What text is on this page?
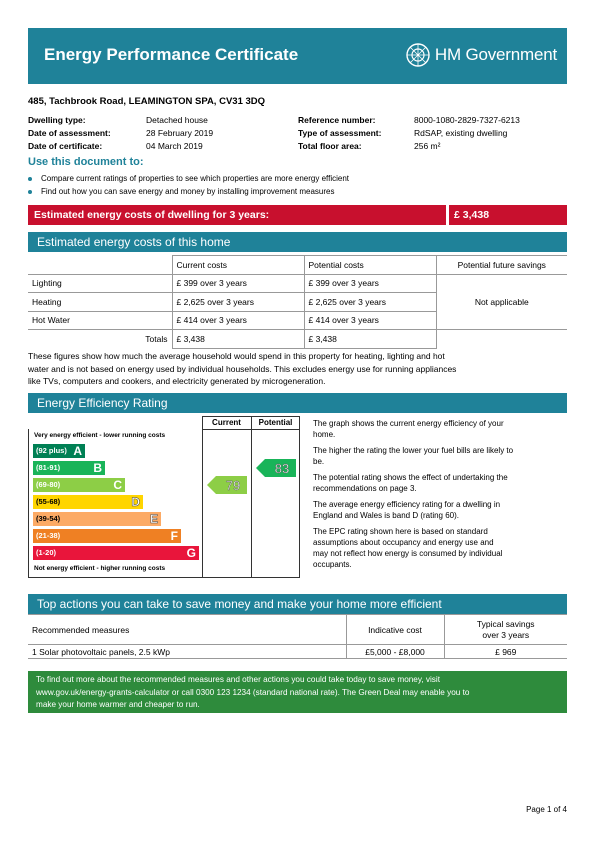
Energy Performance Certificate	HM Government
485, Tachbrook Road, LEAMINGTON SPA, CV31 3DQ
Dwelling type:	Detached house
Date of assessment:	28 February 2019
Date of certificate:	04 March 2019
Reference number:	8000-1080-2829-7327-6213
Type of assessment:	RdSAP, existing dwelling
Total floor area:	256 m²
Use this document to:
Compare current ratings of properties to see which properties are more energy efficient
Find out how you can save energy and money by installing improvement measures
Estimated energy costs of dwelling for 3 years:	£ 3,438
Estimated energy costs of this home
	Current costs	Potential costs	Potential future savings
Lighting	£ 399 over 3 years	£ 399 over 3 years	Not applicable
Heating	£ 2,625 over 3 years	£ 2,625 over 3 years	
Hot Water	£ 414 over 3 years	£ 414 over 3 years	
Totals	£ 3,438	£ 3,438	
These figures show how much the average household would spend in this property for heating, lighting and hot
water and is not based on energy used by individual households. This excludes energy use for running appliances
like TVs, computers and cookers, and electricity generated by microgeneration.
Energy Efficiency Rating
Current	Potential
Very energy efficient - lower running costs
(92 plus) A
(81-91)	B
(69-80)	C
(55-68)	D
(39-54)	E
(21-38)	F
(1-20)	G
Not energy efficient - higher running costs
79
83
The graph shows the current energy efficiency of your
home.
The higher the rating the lower your fuel bills are likely to
be.
The potential rating shows the effect of undertaking the
recommendations on page 3.
The average energy efficiency rating for a dwelling in
England and Wales is band D (rating 60).
The EPC rating shown here is based on standard
assumptions about occupancy and energy use and
may not reflect how energy is consumed by individual
occupants.
Top actions you can take to save money and make your home more efficient
Recommended measures	Indicative cost	Typical savings
over 3 years

1 Solar photovoltaic panels, 2.5 kWp	£5,000 - £8,000	£ 969
To find out more about the recommended measures and other actions you could take today to save money, visit
www.gov.uk/energy-grants-calculator or call 0300 123 1234 (standard national rate). The Green Deal may enable you to
make your home warmer and cheaper to run.
Page 1 of 4
